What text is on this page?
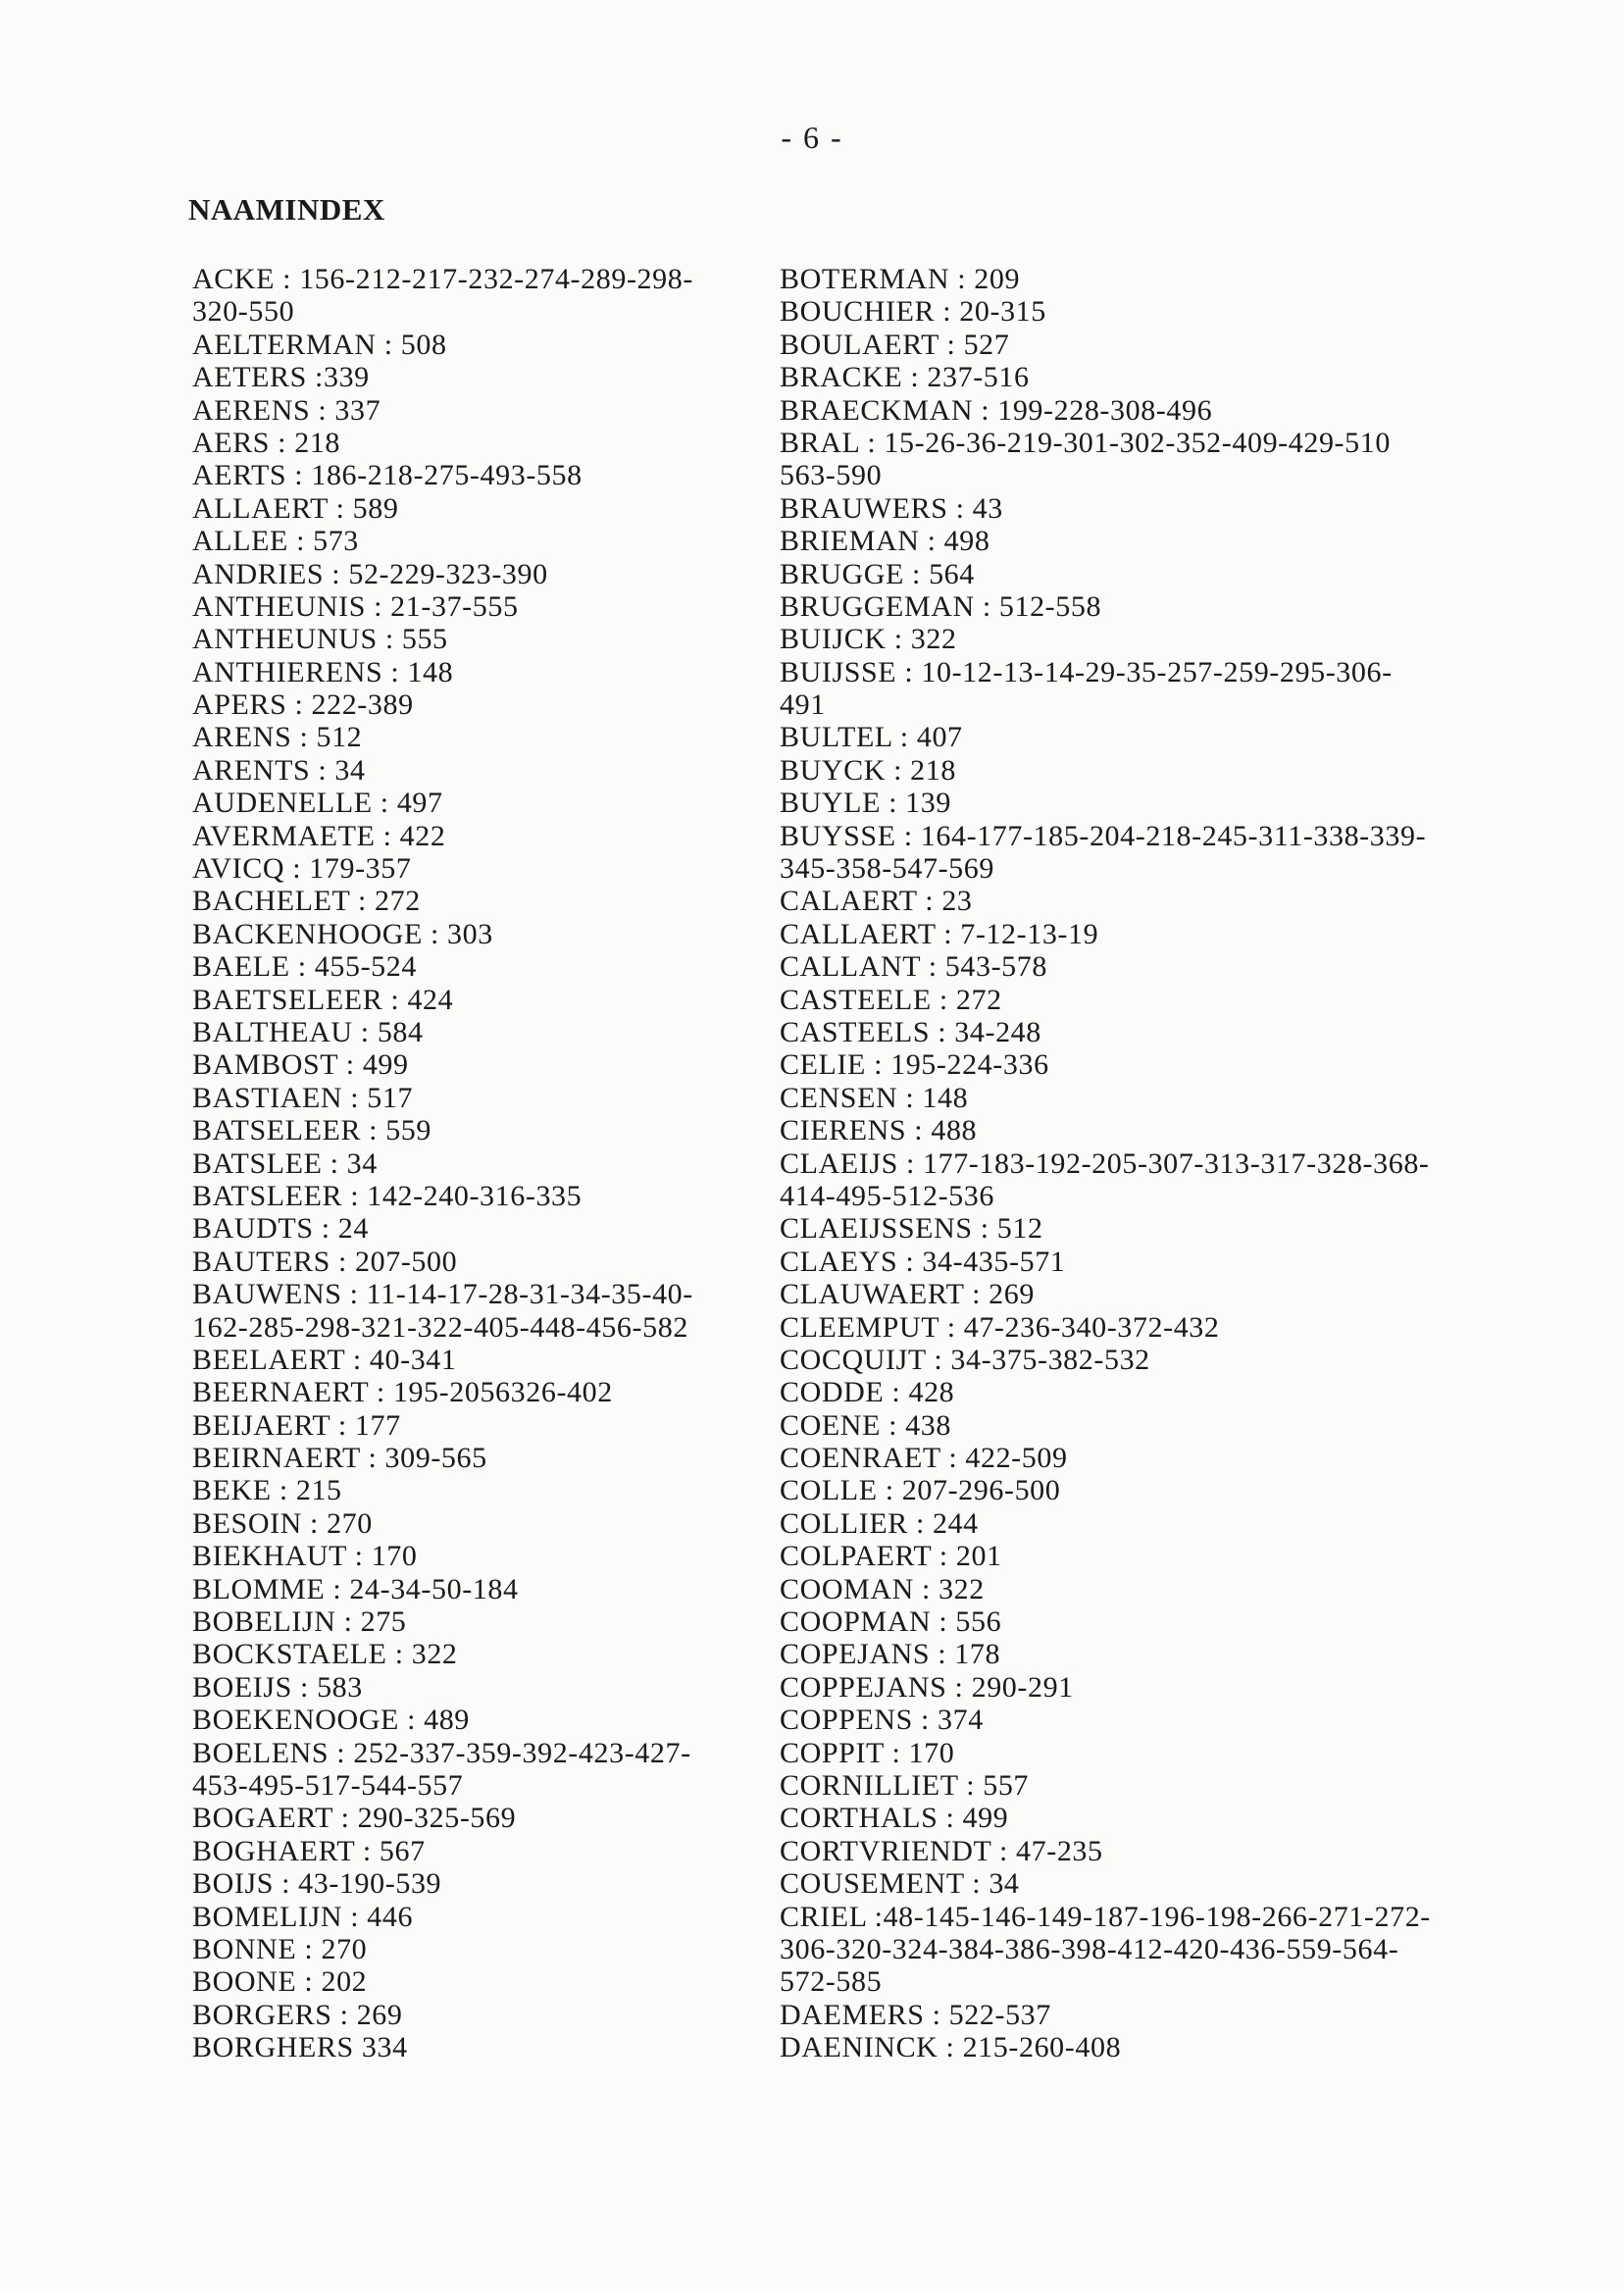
- 6 -
NAAMINDEX
ACKE : 156-212-217-232-274-289-298-
320-550
AELTERMAN : 508
AETERS :339
AERENS : 337
AERS : 218
AERTS : 186-218-275-493-558
ALLAERT : 589
ALLEE : 573
ANDRIES : 52-229-323-390
ANTHEUNIS : 21-37-555
ANTHEUNUS : 555
ANTHIERENS : 148
APERS : 222-389
ARENS : 512
ARENTS : 34
AUDENELLE : 497
AVERMAETE : 422
AVICQ : 179-357
BACHELET : 272
BACKENHOOGE : 303
BAELE : 455-524
BAETSELEER : 424
BALTHEAU : 584
BAMBOST : 499
BASTIAEN : 517
BATSELEER : 559
BATSLEE : 34
BATSLEER : 142-240-316-335
BAUDTS : 24
BAUTERS : 207-500
BAUWENS : 11-14-17-28-31-34-35-40-
162-285-298-321-322-405-448-456-582
BEELAERT : 40-341
BEERNAERT : 195-2056326-402
BEIJAERT : 177
BEIRNAERT : 309-565
BEKE : 215
BESOIN : 270
BIEKHAUT : 170
BLOMME : 24-34-50-184
BOBELIJN : 275
BOCKSTAELE : 322
BOEIJS : 583
BOEKENOOGE : 489
BOELENS : 252-337-359-392-423-427-
453-495-517-544-557
BOGAERT : 290-325-569
BOGHAERT : 567
BOIJS : 43-190-539
BOMELIJN : 446
BONNE : 270
BOONE : 202
BORGERS : 269
BORGHERS 334
BOTERMAN : 209
BOUCHIER : 20-315
BOULAERT : 527
BRACKE : 237-516
BRAECKMAN : 199-228-308-496
BRAL : 15-26-36-219-301-302-352-409-429-510
563-590
BRAUWERS : 43
BRIEMAN : 498
BRUGGE : 564
BRUGGEMAN : 512-558
BUIJCK : 322
BUIJSSE : 10-12-13-14-29-35-257-259-295-306-
491
BULTEL : 407
BUYCK : 218
BUYLE : 139
BUYSSE : 164-177-185-204-218-245-311-338-339-
345-358-547-569
CALAERT : 23
CALLAERT : 7-12-13-19
CALLANT : 543-578
CASTEELE : 272
CASTEELS : 34-248
CELIE : 195-224-336
CENSEN : 148
CIERENS : 488
CLAEIJS : 177-183-192-205-307-313-317-328-368-
414-495-512-536
CLAEIJSSENS : 512
CLAEYS : 34-435-571
CLAUWAERT : 269
CLEEMPUT : 47-236-340-372-432
COCQUIJT : 34-375-382-532
CODDE : 428
COENE : 438
COENRAET : 422-509
COLLE : 207-296-500
COLLIER : 244
COLPAERT : 201
COOMAN : 322
COOPMAN : 556
COPEJANS : 178
COPPEJANS : 290-291
COPPENS : 374
COPPIT : 170
CORNILLIET : 557
CORTHALS : 499
CORTVRIENDT : 47-235
COUSEMENT : 34
CRIEL :48-145-146-149-187-196-198-266-271-272-
306-320-324-384-386-398-412-420-436-559-564-
572-585
DAEMERS : 522-537
DAENINCK : 215-260-408
